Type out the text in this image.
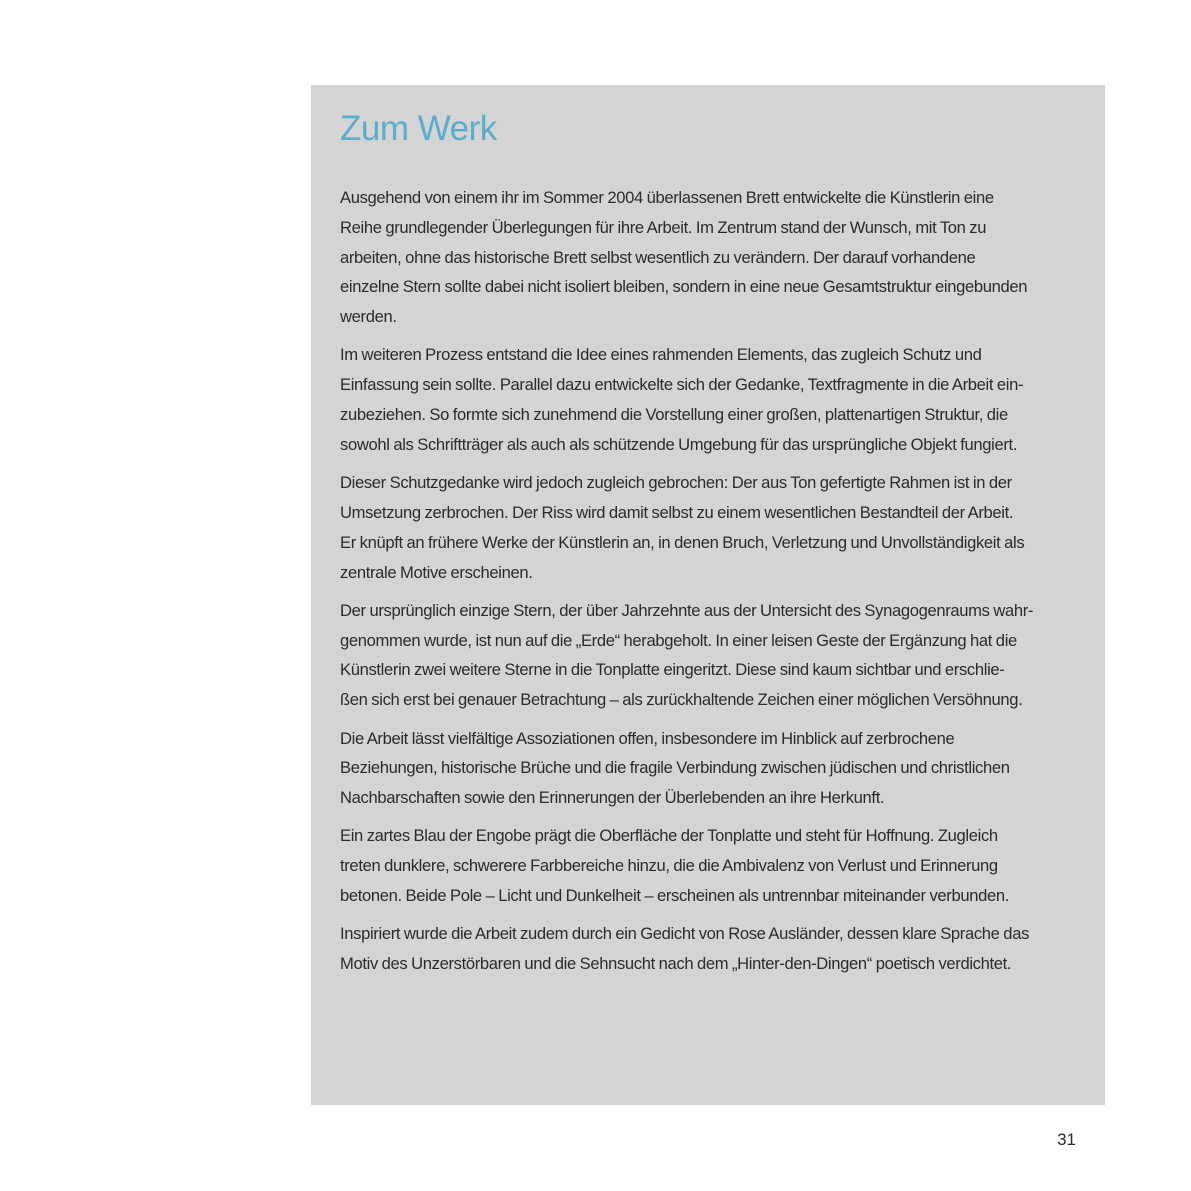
Zum Werk

Ausgehend von einem ihr im Sommer 2004 überlassenen Brett entwickelte die Künstlerin eine
Reihe grundlegender Überlegungen für ihre Arbeit. Im Zentrum stand der Wunsch, mit Ton zu
arbeiten, ohne das historische Brett selbst wesentlich zu verändern. Der darauf vorhandene
einzelne Stern sollte dabei nicht isoliert bleiben, sondern in eine neue Gesamtstruktur eingebunden
werden.

Im weiteren Prozess entstand die Idee eines rahmenden Elements, das zugleich Schutz und
Einfassung sein sollte. Parallel dazu entwickelte sich der Gedanke, Textfragmente in die Arbeit ein-
zubeziehen. So formte sich zunehmend die Vorstellung einer großen, plattenartigen Struktur, die
sowohl als Schriftträger als auch als schützende Umgebung für das ursprüngliche Objekt fungiert.

Dieser Schutzgedanke wird jedoch zugleich gebrochen: Der aus Ton gefertigte Rahmen ist in der
Umsetzung zerbrochen. Der Riss wird damit selbst zu einem wesentlichen Bestandteil der Arbeit.
Er knüpft an frühere Werke der Künstlerin an, in denen Bruch, Verletzung und Unvollständigkeit als
zentrale Motive erscheinen.

Der ursprünglich einzige Stern, der über Jahrzehnte aus der Untersicht des Synagogenraums wahr-
genommen wurde, ist nun auf die „Erde“ herabgeholt. In einer leisen Geste der Ergänzung hat die
Künstlerin zwei weitere Sterne in die Tonplatte eingeritzt. Diese sind kaum sichtbar und erschlie-
ßen sich erst bei genauer Betrachtung – als zurückhaltende Zeichen einer möglichen Versöhnung.

Die Arbeit lässt vielfältige Assoziationen offen, insbesondere im Hinblick auf zerbrochene
Beziehungen, historische Brüche und die fragile Verbindung zwischen jüdischen und christlichen
Nachbarschaften sowie den Erinnerungen der Überlebenden an ihre Herkunft.

Ein zartes Blau der Engobe prägt die Oberfläche der Tonplatte und steht für Hoffnung. Zugleich
treten dunklere, schwerere Farbbereiche hinzu, die die Ambivalenz von Verlust und Erinnerung
betonen. Beide Pole – Licht und Dunkelheit – erscheinen als untrennbar miteinander verbunden.

Inspiriert wurde die Arbeit zudem durch ein Gedicht von Rose Ausländer, dessen klare Sprache das
Motiv des Unzerstörbaren und die Sehnsucht nach dem „Hinter-den-Dingen“ poetisch verdichtet.

31
